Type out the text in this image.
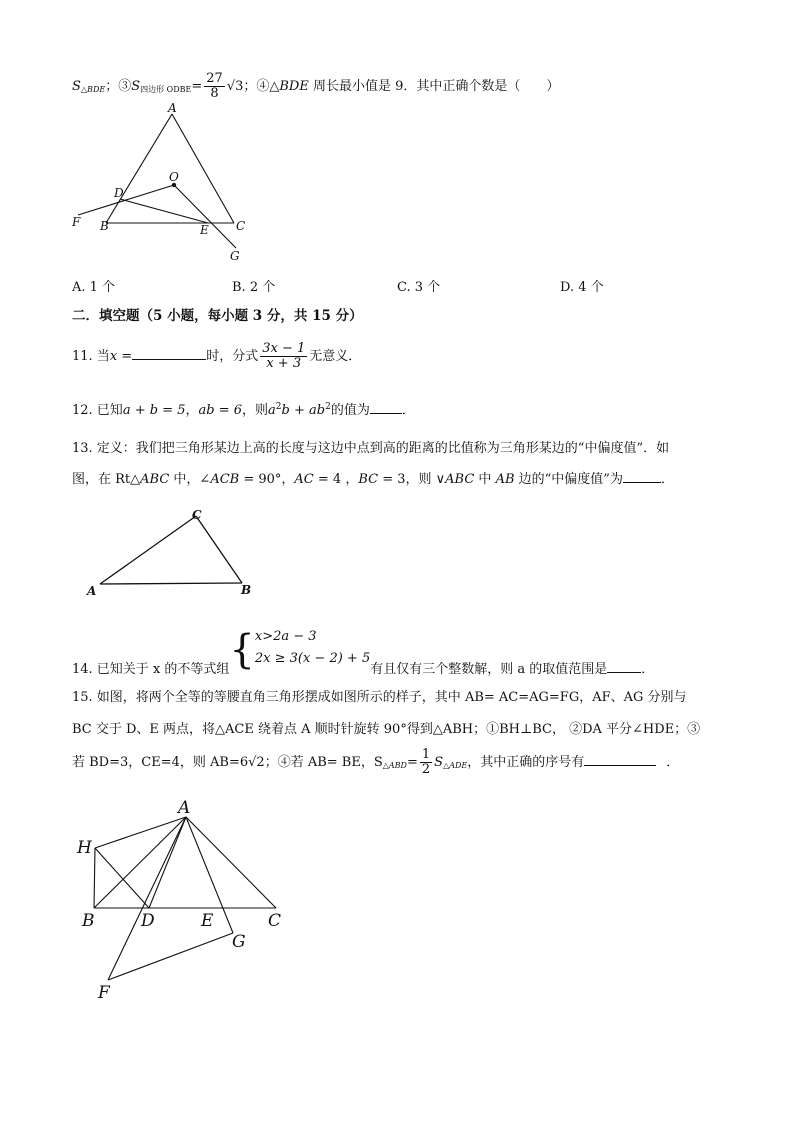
$S_{\triangle BDE}$；$③S_{四边形 ODBE}= \frac{27}{8} √3$；④△BDE 周长最小值是 9．其中正确个数是（　　）
A
O
D
F B	E C
G
A. 1 个	B. 2 个	C. 3 个	D. 4 个
二．填空题（5 小题，每小题 3 分，共 15 分）
11. 当x =	时，分式 $\frac{3x - 1}{x + 3}$ 无意义．
12. 已知a + b = 5，ab = 6，则$a^2b + ab^2$的值为 ．
13. 定义：我们把三角形某边上高的长度与这边中点到高的距离的比值称为三角形某边的“中偏度值”．如
图，在 Rt△ABC 中，∠ACB = 90°，AC = 4 ，BC = 3，则 ∨ABC 中 AB 边的“中偏度值”为	．
C
A	B
14. 已知关于 x 的不等式组{ x>2a − 3
2x ≥ 3(x − 2) + 5
有且仅有三个整数解，则 a 的取值范围是	．
15. 如图，将两个全等的等腰直角三角形摆成如图所示的样子，其中 AB= AC=AG=FG，AF、AG 分别与
BC 交于 D、E 两点，将△ACE 绕着点 A 顺时针旋转 90°得到△ABH；①BH⊥BC， ②DA 平分∠HDE；③
若 BD=3，CE=4，则 AB=6√2；④若 AB= BE，$S_{\triangle ABD}= \frac{1}{2} S_{\triangle ADE}$，其中正确的序号有	．
A
H
B	D	E	C
G
F
